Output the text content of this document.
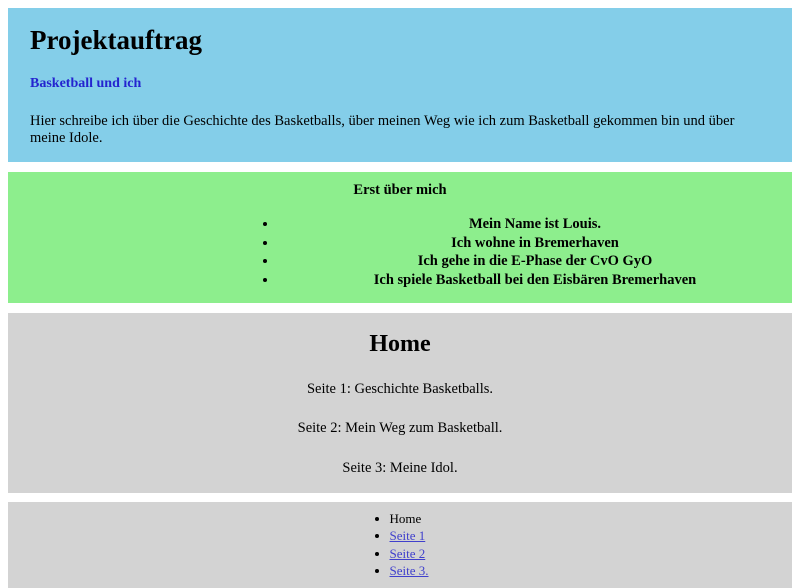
Projektauftrag
Basketball und ich

Hier schreibe ich über die Geschichte des Basketballs, über meinen Weg wie ich zum Basketball gekommen bin und über meine Idole.

Erst über mich

• Mein Name ist Louis.
• Ich wohne in Bremerhaven
• Ich gehe in die E-Phase der CvO GyO
• Ich spiele Basketball bei den Eisbären Bremerhaven
Home

Seite 1: Geschichte Basketballs.

Seite 2: Mein Weg zum Basketball.

Seite 3: Meine Idol.

• Home
• Seite 1
• Seite 2
• Seite 3.
